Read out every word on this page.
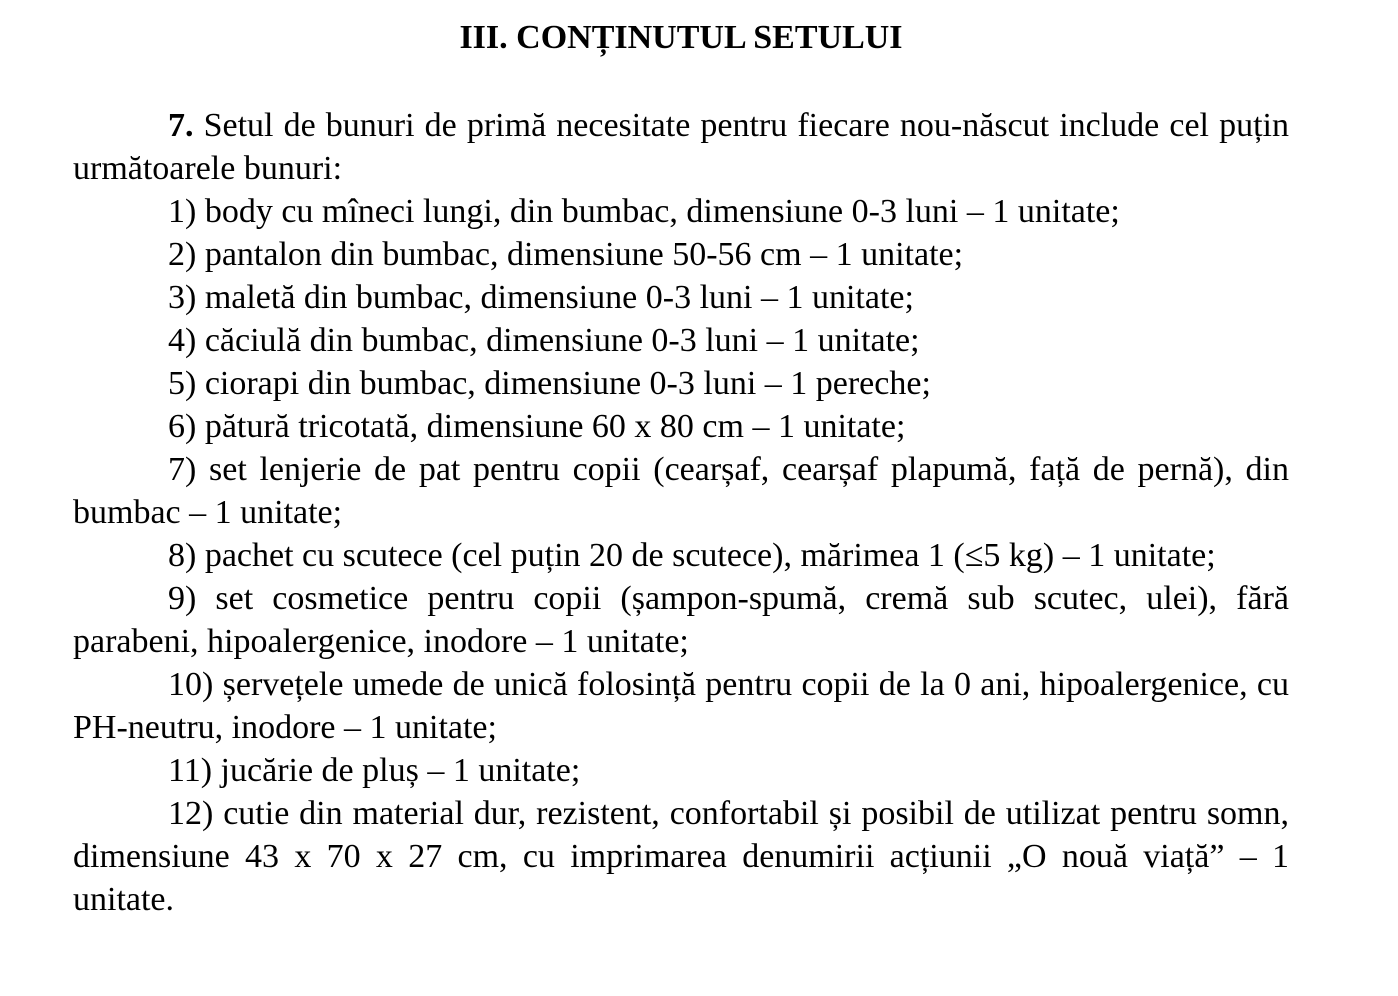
III. CONȚINUTUL SETULUI

7. Setul de bunuri de primă necesitate pentru fiecare nou-născut include cel puțin următoarele bunuri:

1) body cu mîneci lungi, din bumbac, dimensiune 0-3 luni – 1 unitate;

2) pantalon din bumbac, dimensiune 50-56 cm – 1 unitate;

3) maletă din bumbac, dimensiune 0-3 luni – 1 unitate;

4) căciulă din bumbac, dimensiune 0-3 luni – 1 unitate;

5) ciorapi din bumbac, dimensiune 0-3 luni – 1 pereche;

6) pătură tricotată, dimensiune 60 x 80 cm – 1 unitate;

7) set lenjerie de pat pentru copii (cearșaf, cearșaf plapumă, față de pernă), din bumbac – 1 unitate;

8) pachet cu scutece (cel puțin 20 de scutece), mărimea 1 (≤5 kg) – 1 unitate;

9) set cosmetice pentru copii (șampon-spumă, cremă sub scutec, ulei), fără parabeni, hipoalergenice, inodore – 1 unitate;

10) șervețele umede de unică folosință pentru copii de la 0 ani, hipoalergenice, cu PH-neutru, inodore – 1 unitate;

11) jucărie de pluș – 1 unitate;

12) cutie din material dur, rezistent, confortabil și posibil de utilizat pentru somn, dimensiune 43 x 70 x 27 cm, cu imprimarea denumirii acțiunii „O nouă viață” – 1 unitate.
